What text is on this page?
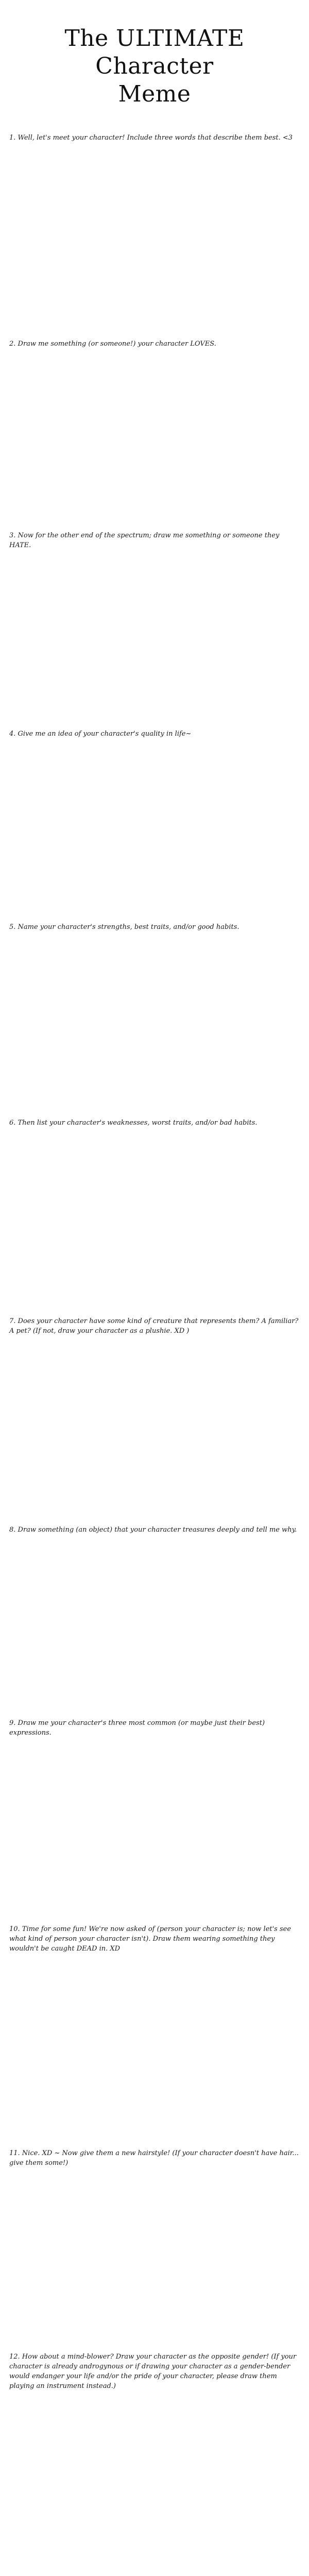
The ULTIMATE
Character
Meme
1. Well, let's meet your character! Include three words that describe them best. <3
2. Draw me something (or someone!) your character LOVES.
3. Now for the other end of the spectrum; draw me something or someone they HATE.
4. Give me an idea of your character's quality in life~
5. Name your character's strengths, best traits, and/or good habits.
6. Then list your character's weaknesses, worst traits, and/or bad habits.
7. Does your character have some kind of creature that represents them? A familiar? A pet? (If not, draw your character as a plushie. XD )
8. Draw something (an object) that your character treasures deeply and tell me why.
9. Draw me your character's three most common (or maybe just their best) expressions.
10. Time for some fun! We're now asked of (person your character is; now let's see what kind of person your character isn't). Draw them wearing something they wouldn't be caught DEAD in. XD
11. Nice. XD ~ Now give them a new hairstyle! (If your character doesn't have hair... give them some!)
12. How about a mind-blower? Draw your character as the opposite gender! (If your character is already androgynous or if drawing your character as a gender-bender would endanger your life and/or the pride of your character, please draw them playing an instrument instead.)
